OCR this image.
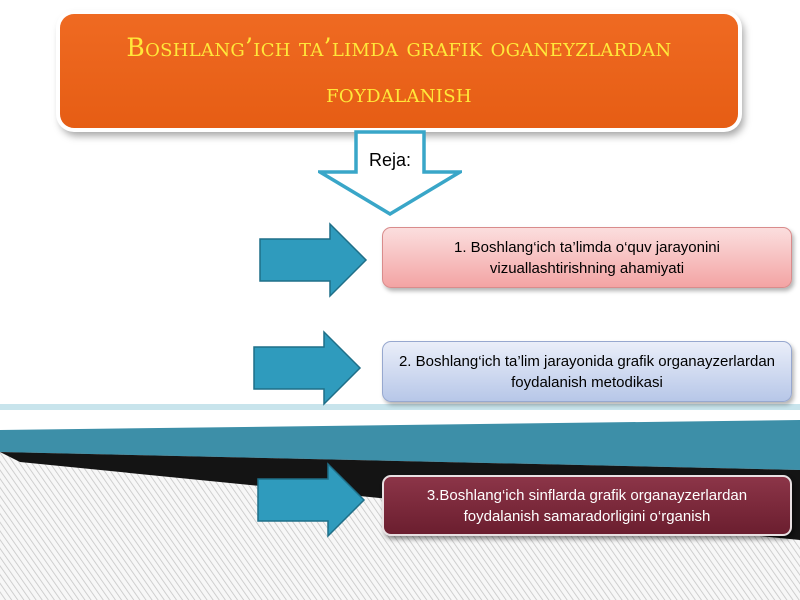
Boshlang’ich ta’limda grafik oganeyzlardan foydalanish
Reja:
1. Boshlang‘ich ta’limda o‘quv jarayonini vizuallashtirishning ahamiyati
2. Boshlang‘ich ta’lim jarayonida grafik organayzerlardan foydalanish metodikasi
3.Boshlang‘ich sinflarda grafik organayzerlardan foydalanish samaradorligini o‘rganish
